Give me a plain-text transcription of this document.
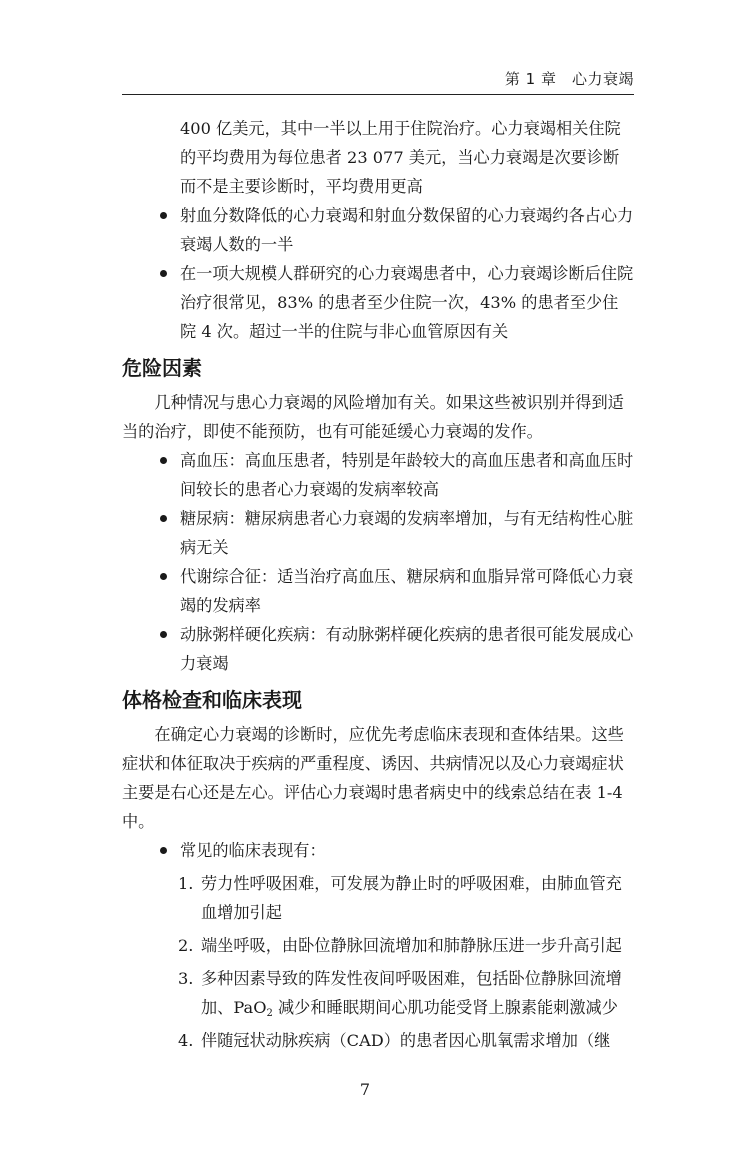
第 1 章　心力衰竭

400 亿美元，其中一半以上用于住院治疗。心力衰竭相关住院的平均费用为每位患者 23 077 美元，当心力衰竭是次要诊断而不是主要诊断时，平均费用更高

射血分数降低的心力衰竭和射血分数保留的心力衰竭约各占心力衰竭人数的一半
在一项大规模人群研究的心力衰竭患者中，心力衰竭诊断后住院治疗很常见，83% 的患者至少住院一次，43% 的患者至少住院 4 次。超过一半的住院与非心血管原因有关
危险因素

几种情况与患心力衰竭的风险增加有关。如果这些被识别并得到适当的治疗，即使不能预防，也有可能延缓心力衰竭的发作。

高血压：高血压患者，特别是年龄较大的高血压患者和高血压时间较长的患者心力衰竭的发病率较高
糖尿病：糖尿病患者心力衰竭的发病率增加，与有无结构性心脏病无关
代谢综合征：适当治疗高血压、糖尿病和血脂异常可降低心力衰竭的发病率
动脉粥样硬化疾病：有动脉粥样硬化疾病的患者很可能发展成心力衰竭
体格检查和临床表现

在确定心力衰竭的诊断时，应优先考虑临床表现和查体结果。这些症状和体征取决于疾病的严重程度、诱因、共病情况以及心力衰竭症状主要是右心还是左心。评估心力衰竭时患者病史中的线索总结在表 1-4 中。

常见的临床表现有：
1. 劳力性呼吸困难，可发展为静止时的呼吸困难，由肺血管充血增加引起
2. 端坐呼吸，由卧位静脉回流增加和肺静脉压进一步升高引起
3. 多种因素导致的阵发性夜间呼吸困难，包括卧位静脉回流增加、PaO$_2$ 减少和睡眠期间心肌功能受肾上腺素能刺激减少
4. 伴随冠状动脉疾病（CAD）的患者因心肌氧需求增加（继
7
